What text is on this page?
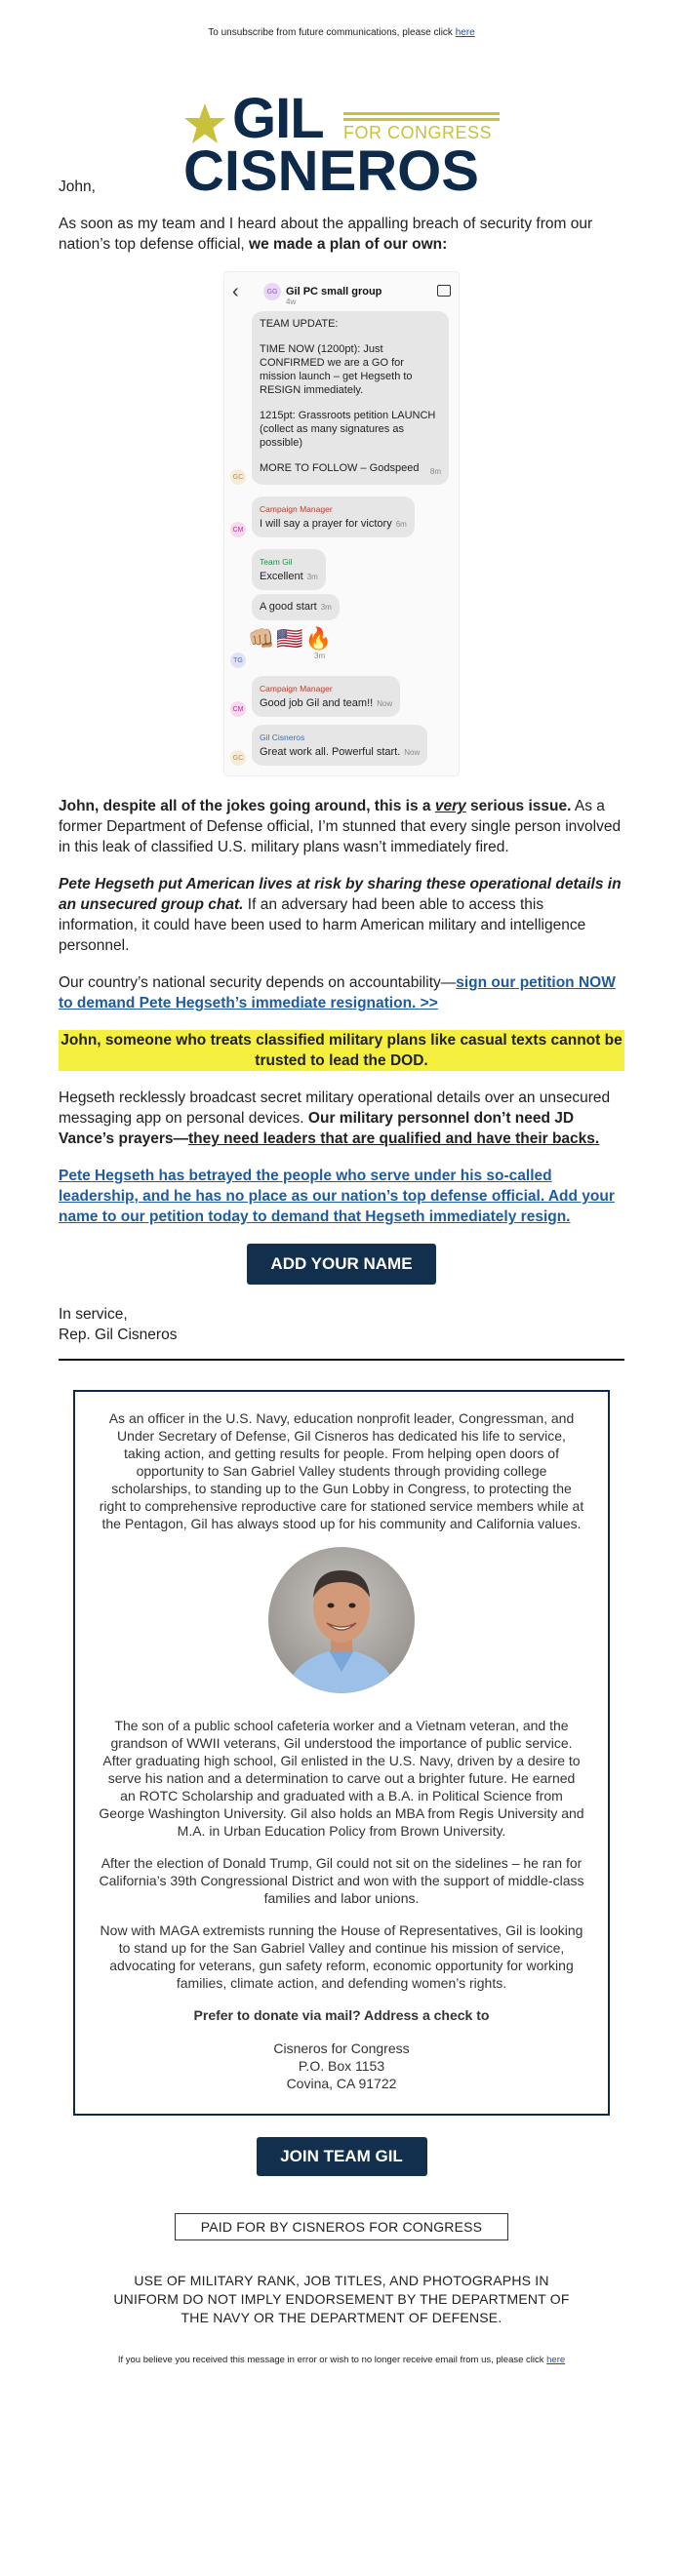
To unsubscribe from future communications, please click here
GIL FOR CONGRESS
CISNEROS

John,

As soon as my team and I heard about the appalling breach of security from our nation’s top defense official, we made a plan of our own:

‹	GG Gil PC small group
4w
GC
TEAM UPDATE:
TIME NOW (1200pt): Just CONFIRMED we are a GO for mission launch – get Hegseth to RESIGN immediately.
1215pt: Grassroots petition LAUNCH (collect as many signatures as possible)
MORE TO FOLLOW – Godspeed 8m
CM
Campaign Manager
I will say a prayer for victory 6m
Team Gil
Excellent 3m
A good start 3m
👊🏼🇺🇸🔥
TG	3m
CM
Campaign Manager
Good job Gil and team!! Now
GC
Gil Cisneros
Great work all. Powerful start. Now

John, despite all of the jokes going around, this is a very serious issue. As a former Department of Defense official, I’m stunned that every single person involved in this leak of classified U.S. military plans wasn’t immediately fired.

Pete Hegseth put American lives at risk by sharing these operational details in an unsecured group chat. If an adversary had been able to access this information, it could have been used to harm American military and intelligence personnel.

Our country’s national security depends on accountability—sign our petition NOW to demand Pete Hegseth’s immediate resignation. >>

John, someone who treats classified military plans like casual texts cannot be trusted to lead the DOD.

Hegseth recklessly broadcast secret military operational details over an unsecured messaging app on personal devices. Our military personnel don’t need JD Vance’s prayers—they need leaders that are qualified and have their backs.

Pete Hegseth has betrayed the people who serve under his so-called leadership, and he has no place as our nation’s top defense official. Add your name to our petition today to demand that Hegseth immediately resign.

ADD YOUR NAME

In service,
Rep. Gil Cisneros

As an officer in the U.S. Navy, education nonprofit leader, Congressman, and Under Secretary of Defense, Gil Cisneros has dedicated his life to service, taking action, and getting results for people. From helping open doors of opportunity to San Gabriel Valley students through providing college scholarships, to standing up to the Gun Lobby in Congress, to protecting the right to comprehensive reproductive care for stationed service members while at the Pentagon, Gil has always stood up for his community and California values.

The son of a public school cafeteria worker and a Vietnam veteran, and the grandson of WWII veterans, Gil understood the importance of public service. After graduating high school, Gil enlisted in the U.S. Navy, driven by a desire to serve his nation and a determination to carve out a brighter future. He earned an ROTC Scholarship and graduated with a B.A. in Political Science from George Washington University. Gil also holds an MBA from Regis University and M.A. in Urban Education Policy from Brown University.

After the election of Donald Trump, Gil could not sit on the sidelines – he ran for California’s 39th Congressional District and won with the support of middle-class families and labor unions.

Now with MAGA extremists running the House of Representatives, Gil is looking to stand up for the San Gabriel Valley and continue his mission of service, advocating for veterans, gun safety reform, economic opportunity for working families, climate action, and defending women’s rights.

Prefer to donate via mail? Address a check to

Cisneros for Congress
P.O. Box 1153
Covina, CA 91722
JOIN TEAM GIL
PAID FOR BY CISNEROS FOR CONGRESS
USE OF MILITARY RANK, JOB TITLES, AND PHOTOGRAPHS IN UNIFORM DO NOT IMPLY ENDORSEMENT BY THE DEPARTMENT OF THE NAVY OR THE DEPARTMENT OF DEFENSE.
If you believe you received this message in error or wish to no longer receive email from us, please click here
